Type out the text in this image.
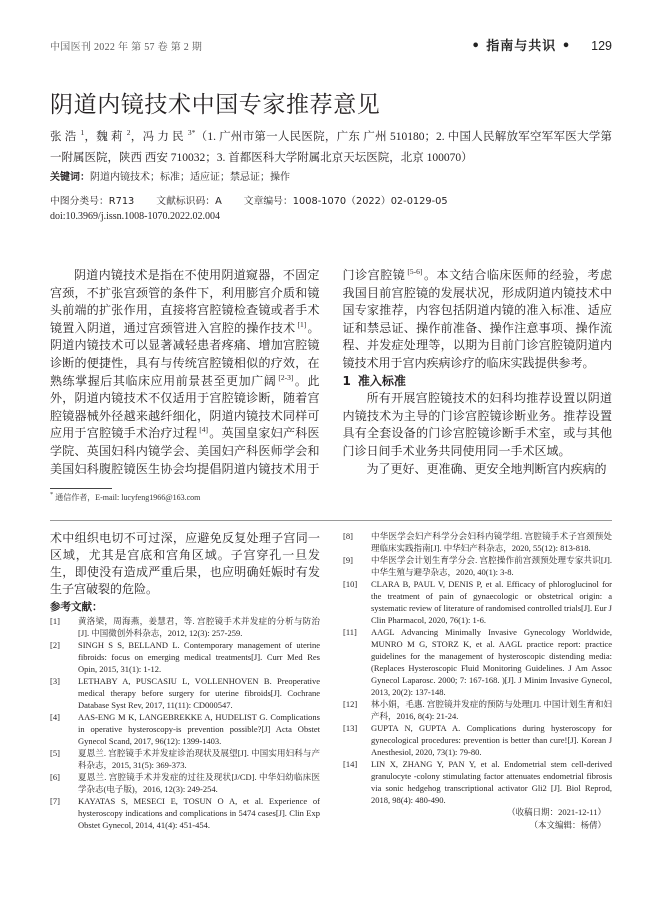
中国医刊 2022 年 第 57 卷 第 2 期	• 指南与共识 • 129
阴道内镜技术中国专家推荐意见
张浩$^1$，魏莉$^2$，冯力民$^{3*}$（1. 广州市第一人民医院，广东 广州 510180；2. 中国人民解放军空军军医大学第一附属医院，陕西 西安 710032；3. 首都医科大学附属北京天坛医院，北京 100070）
关键词：阴道内镜技术；标准；适应证；禁忌证；操作
中图分类号：R713 文献标识码：A 文章编号：1008-1070（2022）02-0129-05
doi:10.3969/j.issn.1008-1070.2022.02.004

阴道内镜技术是指在不使用阴道窥器，不固定宫颈，不扩张宫颈管的条件下，利用膨宫介质和镜头前端的扩张作用，直接将宫腔镜检查镜或者手术镜置入阴道，通过宫颈管进入宫腔的操作技术 [1]。阴道内镜技术可以显著减轻患者疼痛、增加宫腔镜诊断的便捷性，具有与传统宫腔镜相似的疗效，在熟练掌握后其临床应用前景甚至更加广阔 [2-3]。此外，阴道内镜技术不仅适用于宫腔镜诊断，随着宫腔镜器械外径越来越纤细化，阴道内镜技术同样可应用于宫腔镜手术治疗过程 [4]。英国皇家妇产科医学院、英国妇科内镜学会、美国妇产科医师学会和美国妇科腹腔镜医生协会均提倡阴道内镜技术用于门诊宫腔镜 [5-6]。本文结合临床医师的经验，考虑我国目前宫腔镜的发展状况，形成阴道内镜技术中国专家推荐，内容包括阴道内镜的准入标准、适应证和禁忌证、操作前准备、操作注意事项、操作流程、并发症处理等，以期为目前门诊宫腔镜阴道内镜技术用于宫内疾病诊疗的临床实践提供参考。

1 准入标准

所有开展宫腔镜技术的妇科均推荐设置以阴道内镜技术为主导的门诊宫腔镜诊断业务。推荐设置具有全套设备的门诊宫腔镜诊断手术室，或与其他门诊日间手术业务共同使用同一手术区域。

为了更好、更准确、更安全地判断宫内疾病的

* 通信作者，E-mail: lucyfeng1966@163.com

术中组织电切不可过深，应避免反复处理子宫同一区域，尤其是宫底和宫角区域。子宫穿孔一旦发生，即使没有造成严重后果，也应明确妊娠时有发生子宫破裂的危险。

参考文献：
[1]	黄洛梁，周海燕，姜慧君，等. 宫腔镜手术并发症的分析与防治[J]. 中国微创外科杂志，2012, 12(3): 257-259.
[2]	SINGH S S, BELLAND L. Contemporary management of uterine fibroids: focus on emerging medical treatments[J]. Curr Med Res Opin, 2015, 31(1): 1-12.
[3]	LETHABY A, PUSCASIU L, VOLLENHOVEN B. Preoperative medical therapy before surgery for uterine fibroids[J]. Cochrane Database Syst Rev, 2017, 11(11): CD000547.
[4]	AAS-ENG M K, LANGEBREKKE A, HUDELIST G. Complications in operative hysteroscopy-is prevention possible?[J] Acta Obstet Gynecol Scand, 2017, 96(12): 1399-1403.
[5]	夏恩兰. 宫腔镜手术并发症诊治现状及展望[J]. 中国实用妇科与产科杂志，2015, 31(5): 369-373.
[6]	夏恩兰. 宫腔镜手术并发症的过往及现状[J/CD]. 中华妇幼临床医学杂志(电子版)，2016, 12(3): 249-254.
[7]	KAYATAS S, MESECI E, TOSUN O A, et al. Experience of hysteroscopy indications and complications in 5474 cases[J]. Clin Exp Obstet Gynecol, 2014, 41(4): 451-454.
[8]	中华医学会妇产科学分会妇科内镜学组. 宫腔镜手术子宫颈预处理临床实践指南[J]. 中华妇产科杂志，2020, 55(12): 813-818.
[9]	中华医学会计划生育学分会. 宫腔操作前宫颈预处理专家共识[J]. 中华生殖与避孕杂志，2020, 40(1): 3-8.
[10]	CLARA B, PAUL V, DENIS P, et al. Efficacy of phloroglucinol for the treatment of pain of gynaecologic or obstetrical origin: a systematic review of literature of randomised controlled trials[J]. Eur J Clin Pharmacol, 2020, 76(1): 1-6.
[11]	AAGL Advancing Minimally Invasive Gynecology Worldwide, MUNRO M G, STORZ K, et al. AAGL practice report: practice guidelines for the management of hysteroscopic distending media: (Replaces Hysteroscopic Fluid Monitoring Guidelines. J Am Assoc Gynecol Laparosc. 2000; 7: 167-168. )[J]. J Minim Invasive Gynecol, 2013, 20(2): 137-148.
[12]	林小娟，毛惠. 宫腔镜并发症的预防与处理[J]. 中国计划生育和妇产科，2016, 8(4): 21-24.
[13]	GUPTA N, GUPTA A. Complications during hysteroscopy for gynecological procedures: prevention is better than cure![J]. Korean J Anesthesiol, 2020, 73(1): 79-80.
[14]	LIN X, ZHANG Y, PAN Y, et al. Endometrial stem cell-derived granulocyte -colony stimulating factor attenuates endometrial fibrosis via sonic hedgehog transcriptional activator Gli2 [J]. Biol Reprod, 2018, 98(4): 480-490.
（收稿日期：2021-12-11）
（本文编辑：杨倩）
